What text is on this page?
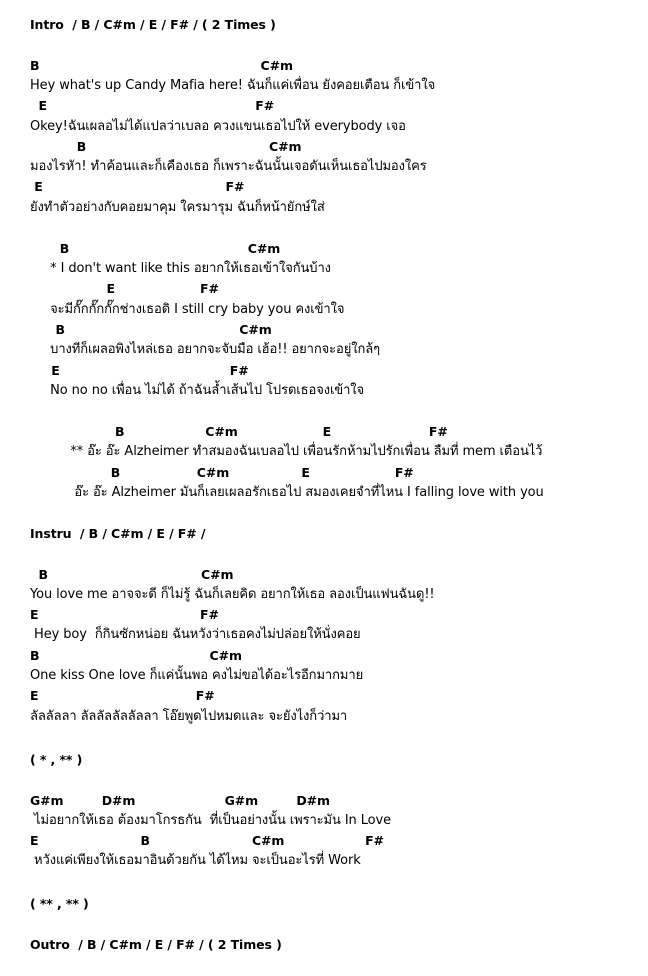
Intro  / B / C#m / E / F# / ( 2 Times )
B                                                    C#m
Hey what's up Candy Mafia here! ฉันก็แค่เพื่อน ยังคอยเตือน ก็เข้าใจ
E                                                 F#
Okey!ฉันเผลอไม่ได้แปลว่าเบลอ ควงแขนเธอไปให้ everybody เจอ
B                                           C#m
มองไรหัา! ทำค้อนและก็เคืองเธอ ก็เพราะฉันนั้นเจอดันเห็นเธอไปมองใคร
E                                           F#
ยังทำตัวอย่างกับคอยมาคุม ใครมารุม ฉันก็หน้ายักษ์ใส่
B                                          C#m
* I don't want like this อยากให้เธอเข้าใจกันบ้าง
E                    F#
จะมีกั๊กกั๊กกั๊กช่างเธอดิ I still cry baby you คงเข้าใจ
B                                         C#m
บางทีก็เผลอพิงไหล่เธอ อยากจะจับมือ เฮ้อ!! อยากจะอยู่ใกล้ๆ
E                                        F#
No no no เพื่อน ไม่ได้ ถ้าฉันล้ำเส้นไป โปรดเธอจงเข้าใจ
B                   C#m                    E                       F#
** อ๊ะ อ๊ะ Alzheimer ทำสมองฉันเบลอไป เพื่อนรักห้ามไปรักเพื่อน ลืมที่ mem เตือนไว้
B                  C#m                 E                    F#
อ๊ะ อ๊ะ Alzheimer มันก็เลยเผลอรักเธอไป สมองเคยจำที่ไหน I falling love with you
Instru  / B / C#m / E / F# /
B                                    C#m
You love me อาจจะดี ก็ไม่รู้ ฉันก็เลยคิด อยากให้เธอ ลองเป็นแฟนฉันดู!!
E                                      F#
Hey boy  ก็กินซักหน่อย ฉันหวังว่าเธอคงไม่ปล่อยให้นั่งคอย
B                                        C#m
One kiss One love ก็แค่นั้นพอ คงไม่ขอได้อะไรอีกมากมาย
E                                     F#
ลัลลัลลา ลัลลัลลัลลัลลา โอ๊ยพูดไปหมดและ จะยังไงก็ว่ามา
( * , ** )
G#m         D#m                     G#m         D#m
ไม่อยากให้เธอ ต้องมาโกรธกัน  ที่เป็นอย่างนั้น เพราะมัน In Love
E                        B                        C#m                   F#
หวังแค่เพียงให้เธอมาอินด้วยกัน ได้ไหม จะเป็นอะไรที่ Work
( ** , ** )
Outro  / B / C#m / E / F# / ( 2 Times )
